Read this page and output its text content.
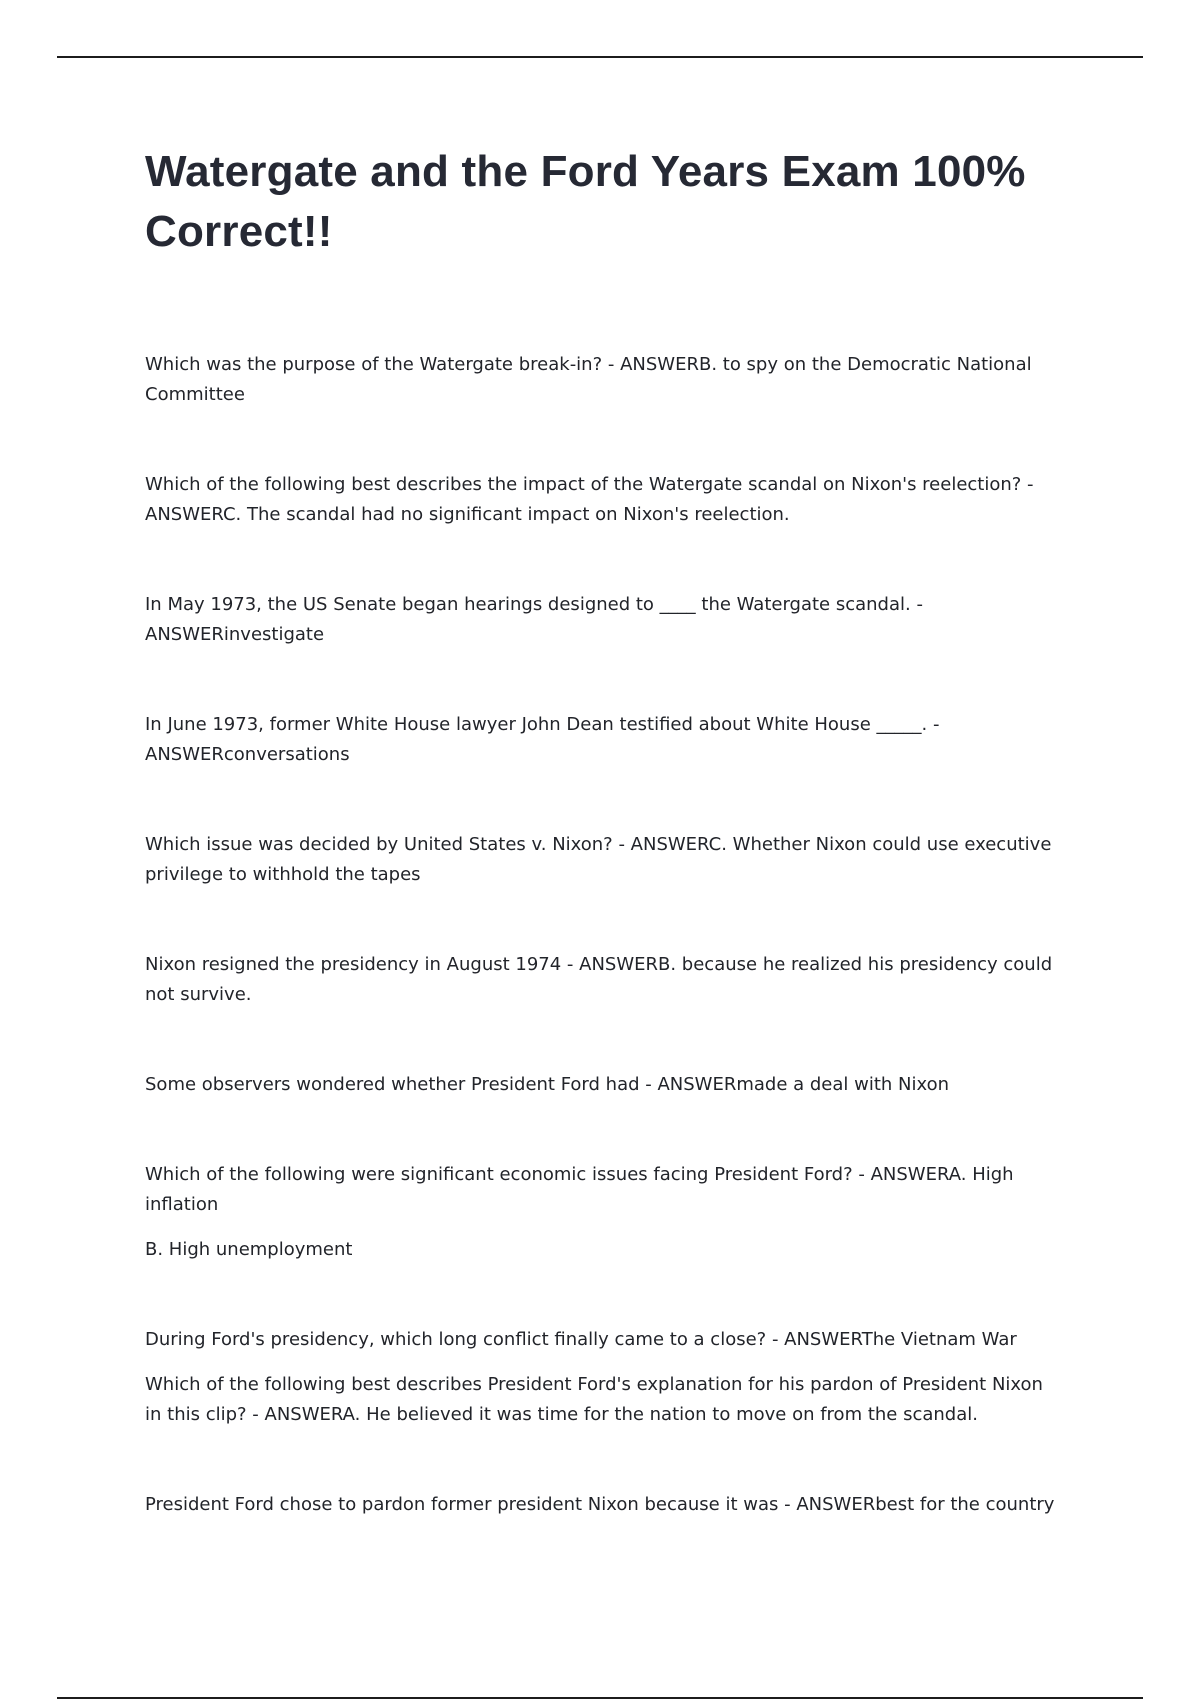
Watergate and the Ford Years Exam 100% Correct!!

Which was the purpose of the Watergate break-in? - ANSWERB. to spy on the Democratic National Committee

Which of the following best describes the impact of the Watergate scandal on Nixon's reelection? - ANSWERC. The scandal had no significant impact on Nixon's reelection.

In May 1973, the US Senate began hearings designed to ____ the Watergate scandal. - ANSWERinvestigate

In June 1973, former White House lawyer John Dean testified about White House _____. - ANSWERconversations

Which issue was decided by United States v. Nixon? - ANSWERC. Whether Nixon could use executive privilege to withhold the tapes

Nixon resigned the presidency in August 1974 - ANSWERB. because he realized his presidency could not survive.

Some observers wondered whether President Ford had - ANSWERmade a deal with Nixon

Which of the following were significant economic issues facing President Ford? - ANSWERA. High inflation

B. High unemployment

During Ford's presidency, which long conflict finally came to a close? - ANSWERThe Vietnam War

Which of the following best describes President Ford's explanation for his pardon of President Nixon in this clip? - ANSWERA. He believed it was time for the nation to move on from the scandal.

President Ford chose to pardon former president Nixon because it was - ANSWERbest for the country
